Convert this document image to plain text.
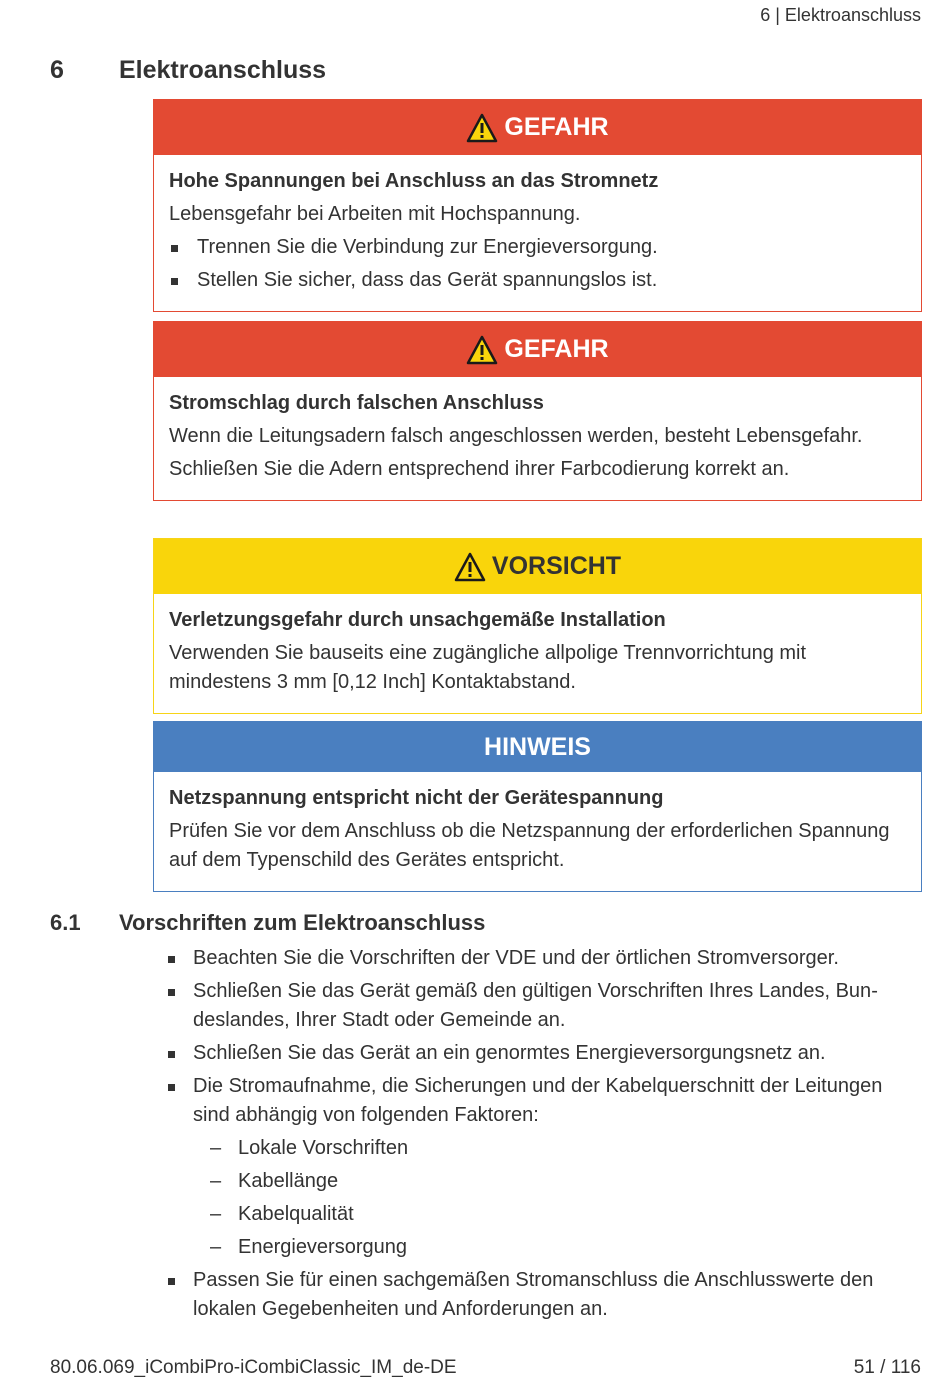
6 | Elektroanschluss
6 Elektroanschluss
GEFAHR
Hohe Spannungen bei Anschluss an das Stromnetz

Lebensgefahr bei Arbeiten mit Hochspannung.

Trennen Sie die Verbindung zur Energieversorgung.
Stellen Sie sicher, dass das Gerät spannungslos ist.
GEFAHR
Stromschlag durch falschen Anschluss

Wenn die Leitungsadern falsch angeschlossen werden, besteht Lebensgefahr.

Schließen Sie die Adern entsprechend ihrer Farbcodierung korrekt an.

VORSICHT
Verletzungsgefahr durch unsachgemäße Installation

Verwenden Sie bauseits eine zugängliche allpolige Trennvorrichtung mit mindestens 3 mm [0,12 Inch] Kontaktabstand.

HINWEIS
Netzspannung entspricht nicht der Gerätespannung

Prüfen Sie vor dem Anschluss ob die Netzspannung der erforderlichen Spannung auf dem Typenschild des Gerätes entspricht.

6.1 Vorschriften zum Elektroanschluss
Beachten Sie die Vorschriften der VDE und der örtlichen Stromversorger.
Schließen Sie das Gerät gemäß den gültigen Vorschriften Ihres Landes, Bundeslandes, Ihrer Stadt oder Gemeinde an.
Schließen Sie das Gerät an ein genormtes Energieversorgungsnetz an.
Die Stromaufnahme, die Sicherungen und der Kabelquerschnitt der Leitungen sind abhängig von folgenden Faktoren:
– Lokale Vorschriften
– Kabellänge
– Kabelqualität
– Energieversorgung
Passen Sie für einen sachgemäßen Stromanschluss die Anschlusswerte den lokalen Gegebenheiten und Anforderungen an.
80.06.069_iCombiPro-iCombiClassic_IM_de-DE	51 / 116
